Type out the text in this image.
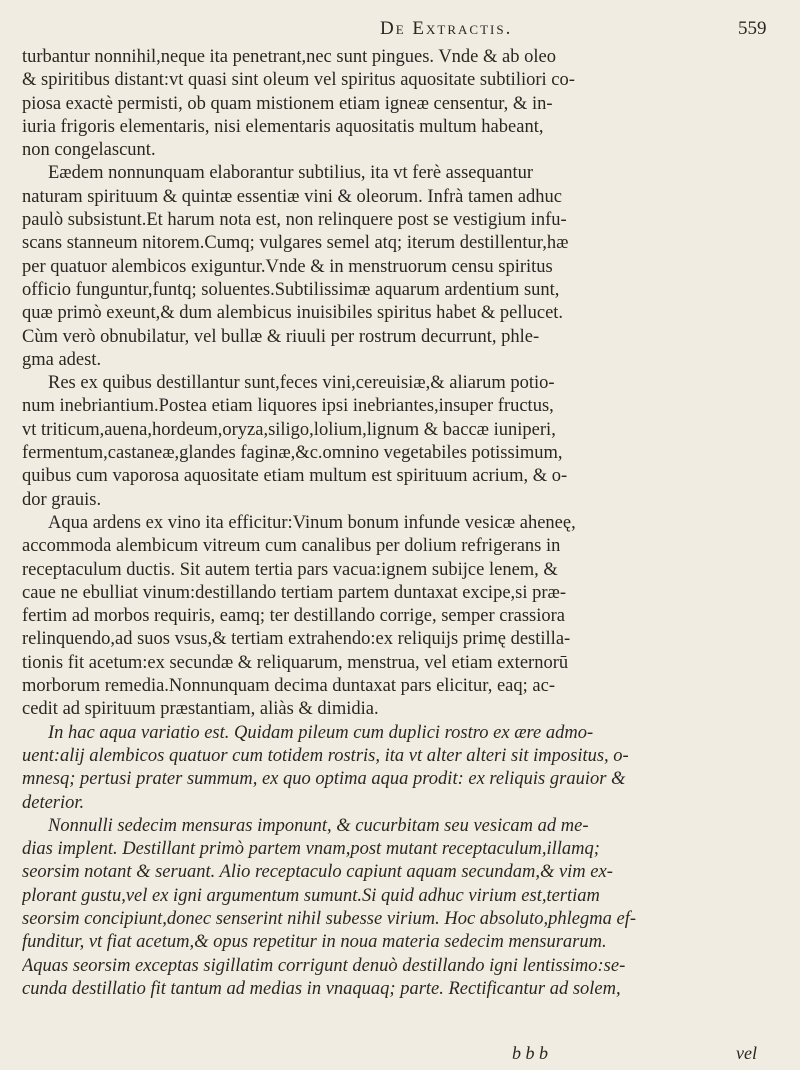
De Extractis.	559
turbantur nonnihil,neque ita penetrant,nec sunt pingues. Vnde & ab oleo
& spiritibus distant:vt quasi sint oleum vel spiritus aquositate subtiliori co-
piosa exactè permisti, ob quam mistionem etiam igneæ censentur, & in-
iuria frigoris elementaris, nisi elementaris aquositatis multum habeant,
non congelascunt.
Eædem nonnunquam elaborantur subtilius, ita vt ferè assequantur
naturam spirituum & quintæ essentiæ vini & oleorum. Infrà tamen adhuc
paulò subsistunt.Et harum nota est, non relinquere post se vestigium infu-
scans stanneum nitorem.Cumq; vulgares semel atq; iterum destillentur,hæ
per quatuor alembicos exiguntur.Vnde & in menstruorum censu spiritus
officio funguntur,funtq; soluentes.Subtilissimæ aquarum ardentium sunt,
quæ primò exeunt,& dum alembicus inuisibiles spiritus habet & pellucet.
Cùm verò obnubilatur, vel bullæ & riuuli per rostrum decurrunt, phle-
gma adest.
Res ex quibus destillantur sunt,feces vini,cereuisiæ,& aliarum potio-
num inebriantium.Postea etiam liquores ipsi inebriantes,insuper fructus,
vt triticum,auena,hordeum,oryza,siligo,lolium,lignum & baccæ iuniperi,
fermentum,castaneæ,glandes faginæ,&c.omnino vegetabiles potissimum,
quibus cum vaporosa aquositate etiam multum est spirituum acrium, & o-
dor grauis.
Aqua ardens ex vino ita efficitur:Vinum bonum infunde vesicæ aheneę,
accommoda alembicum vitreum cum canalibus per dolium refrigerans in
receptaculum ductis. Sit autem tertia pars vacua:ignem subijce lenem, &
caue ne ebulliat vinum:destillando tertiam partem duntaxat excipe,si præ-
fertim ad morbos requiris, eamq; ter destillando corrige, semper crassiora
relinquendo,ad suos vsus,& tertiam extrahendo:ex reliquijs primę destilla-
tionis fit acetum:ex secundæ & reliquarum, menstrua, vel etiam externorū
morborum remedia.Nonnunquam decima duntaxat pars elicitur, eaq; ac-
cedit ad spirituum præstantiam, aliàs & dimidia.
In hac aqua variatio est. Quidam pileum cum duplici rostro ex ære admo-
uent:alij alembicos quatuor cum totidem rostris, ita vt alter alteri sit impositus, o-
mnesq; pertusi prater summum, ex quo optima aqua prodit: ex reliquis grauior &
deterior.
Nonnulli sedecim mensuras imponunt, & cucurbitam seu vesicam ad me-
dias implent. Destillant primò partem vnam,post mutant receptaculum,illamq;
seorsim notant & seruant. Alio receptaculo capiunt aquam secundam,& vim ex-
plorant gustu,vel ex igni argumentum sumunt.Si quid adhuc virium est,tertiam
seorsim concipiunt,donec senserint nihil subesse virium. Hoc absoluto,phlegma ef-
funditur, vt fiat acetum,& opus repetitur in noua materia sedecim mensurarum.
Aquas seorsim exceptas sigillatim corrigunt denuò destillando igni lentissimo:se-
cunda destillatio fit tantum ad medias in vnaquaq; parte. Rectificantur ad solem,
b b b	vel
